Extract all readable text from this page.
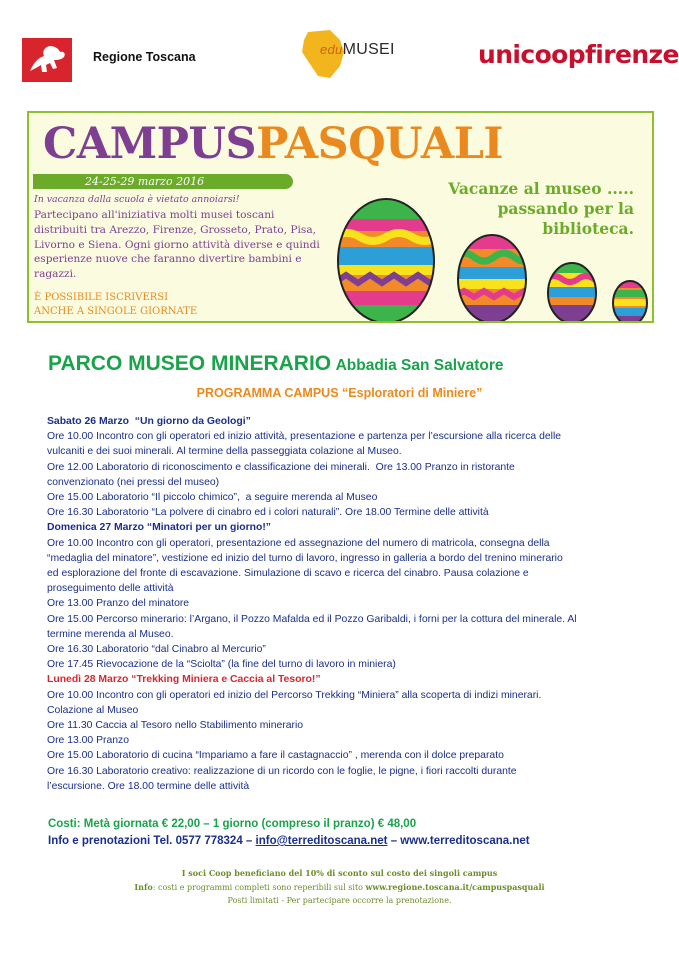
Regione Toscana	eduMUSEI	unicoopfirenze
CAMPUSPASQUALI
24-25-29 marzo 2016
In vacanza dalla scuola è vietato annoiarsi!
Partecipano all'iniziativa molti musei toscani distribuiti tra Arezzo, Firenze, Grosseto, Prato, Pisa, Livorno e Siena. Ogni giorno attività diverse e quindi esperienze nuove che faranno divertire bambini e ragazzi.
È POSSIBILE ISCRIVERSI
ANCHE A SINGOLE GIORNATE
Vacanze al museo .....
passando per la
biblioteca.
PARCO MUSEO MINERARIO Abbadia San Salvatore
PROGRAMMA CAMPUS “Esploratori di Miniere”
Sabato 26 Marzo  “Un giorno da Geologi”
Ore 10.00 Incontro con gli operatori ed inizio attività, presentazione e partenza per l’escursione alla ricerca delle
vulcaniti e dei suoi minerali. Al termine della passeggiata colazione al Museo.
Ore 12.00 Laboratorio di riconoscimento e classificazione dei minerali.  Ore 13.00 Pranzo in ristorante
convenzionato (nei pressi del museo)
Ore 15.00 Laboratorio “Il piccolo chimico”,  a seguire merenda al Museo
Ore 16.30 Laboratorio “La polvere di cinabro ed i colori naturali”. Ore 18.00 Termine delle attività
Domenica 27 Marzo “Minatori per un giorno!”
Ore 10.00 Incontro con gli operatori, presentazione ed assegnazione del numero di matricola, consegna della
“medaglia del minatore”, vestizione ed inizio del turno di lavoro, ingresso in galleria a bordo del trenino minerario
ed esplorazione del fronte di escavazione. Simulazione di scavo e ricerca del cinabro. Pausa colazione e
proseguimento delle attività
Ore 13.00 Pranzo del minatore
Ore 15.00 Percorso minerario: l’Argano, il Pozzo Mafalda ed il Pozzo Garibaldi, i forni per la cottura del minerale. Al
termine merenda al Museo.
Ore 16.30 Laboratorio “dal Cinabro al Mercurio”
Ore 17.45 Rievocazione de la “Sciolta” (la fine del turno di lavoro in miniera)
Lunedì 28 Marzo “Trekking Miniera e Caccia al Tesoro!”
Ore 10.00 Incontro con gli operatori ed inizio del Percorso Trekking “Miniera” alla scoperta di indizi minerari.
Colazione al Museo
Ore 11.30 Caccia al Tesoro nello Stabilimento minerario
Ore 13.00 Pranzo
Ore 15.00 Laboratorio di cucina “Impariamo a fare il castagnaccio” , merenda con il dolce preparato
Ore 16.30 Laboratorio creativo: realizzazione di un ricordo con le foglie, le pigne, i fiori raccolti durante
l’escursione. Ore 18.00 termine delle attività
Costi: Metà giornata € 22,00 – 1 giorno (compreso il pranzo) € 48,00
Info e prenotazioni Tel. 0577 778324 – info@terreditoscana.net – www.terreditoscana.net
I soci Coop beneficiano del 10% di sconto sul costo dei singoli campus
Info: costi e programmi completi sono reperibili sul sito www.regione.toscana.it/campuspasquali
Posti limitati - Per partecipare occorre la prenotazione.
